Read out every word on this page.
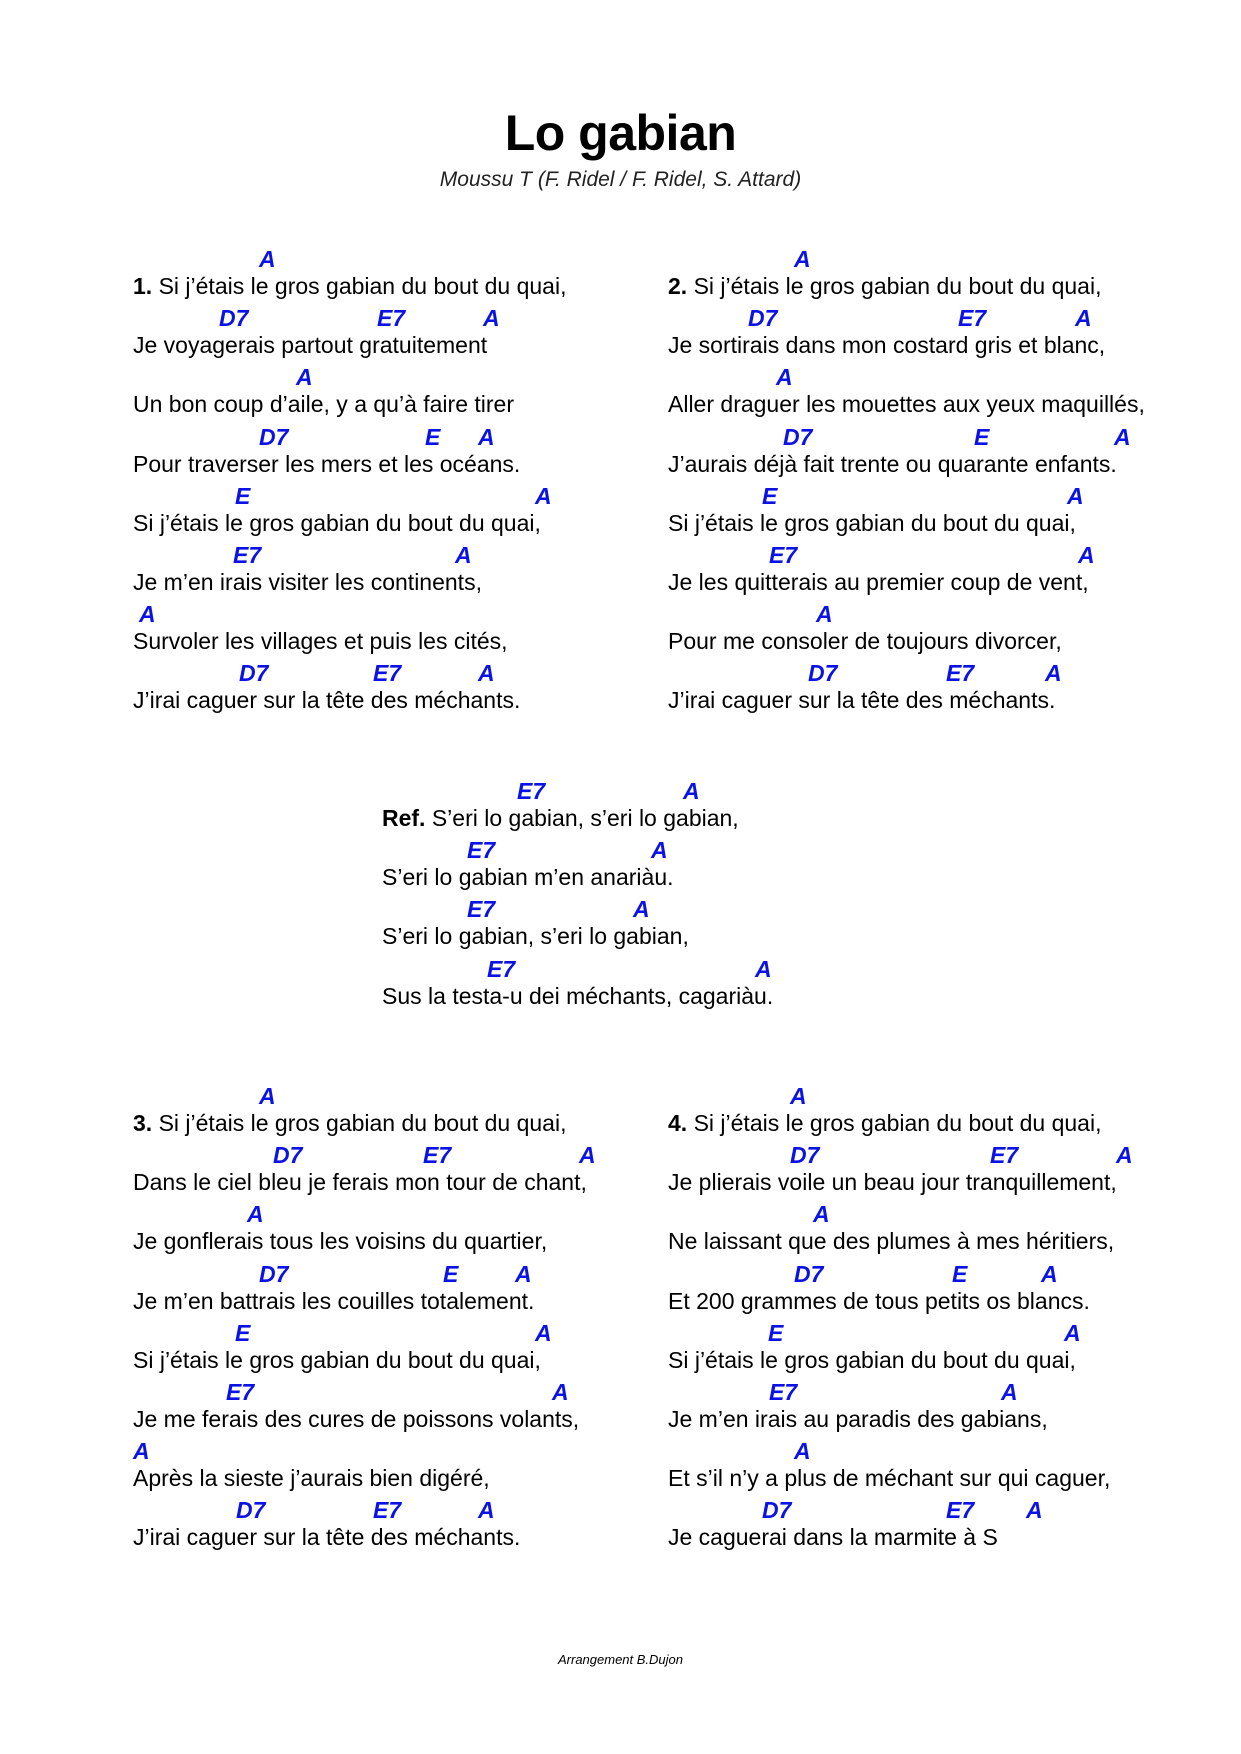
Lo gabian
Moussu T (F. Ridel / F. Ridel, S. Attard)
A
1. Si j’étais le gros gabian du bout du quai,
D7	E7	A
Je voyagerais partout gratuitement
A
Un bon coup d’aile, y a qu’à faire tirer
D7	E A
Pour traverser les mers et les océans.
E	A
Si j’étais le gros gabian du bout du quai,
E7	A
Je m’en irais visiter les continents,
A
Survoler les villages et puis les cités,
D7	E7	A
J’irai caguer sur la tête des méchants.
A
2. Si j’étais le gros gabian du bout du quai,
D7	E7	A
Je sortirais dans mon costard gris et blanc,
A
Aller draguer les mouettes aux yeux maquillés,
D7	E	A
J’aurais déjà fait trente ou quarante enfants.
E	A
Si j’étais le gros gabian du bout du quai,
E7	A
Je les quitterais au premier coup de vent,
A
Pour me consoler de toujours divorcer,
D7	E7	A
J’irai caguer sur la tête des méchants.
E7	A
Ref. S’eri lo gabian, s’eri lo gabian,
E7	A
S’eri lo gabian m’en anariàu.
E7	A
S’eri lo gabian, s’eri lo gabian,
E7	A
Sus la testa-u dei méchants, cagariàu.
A
3. Si j’étais le gros gabian du bout du quai,
D7	E7	A
Dans le ciel bleu je ferais mon tour de chant,
A
Je gonflerais tous les voisins du quartier,
D7	E A
Je m’en battrais les couilles totalement.
E	A
Si j’étais le gros gabian du bout du quai,
E7	A
Je me ferais des cures de poissons volants,
A
Après la sieste j’aurais bien digéré,
D7	E7	A
J’irai caguer sur la tête des méchants.
A
4. Si j’étais le gros gabian du bout du quai,
D7	E7	A
Je plierais voile un beau jour tranquillement,
A
Ne laissant que des plumes à mes héritiers,
D7	E	A
Et 200 grammes de tous petits os blancs.
E	A
Si j’étais le gros gabian du bout du quai,
E7	A
Je m’en irais au paradis des gabians,
A
Et s’il n’y a plus de méchant sur qui caguer,
D7	E7 A
Je caguerai dans la marmite à S
Arrangement B.Dujon
